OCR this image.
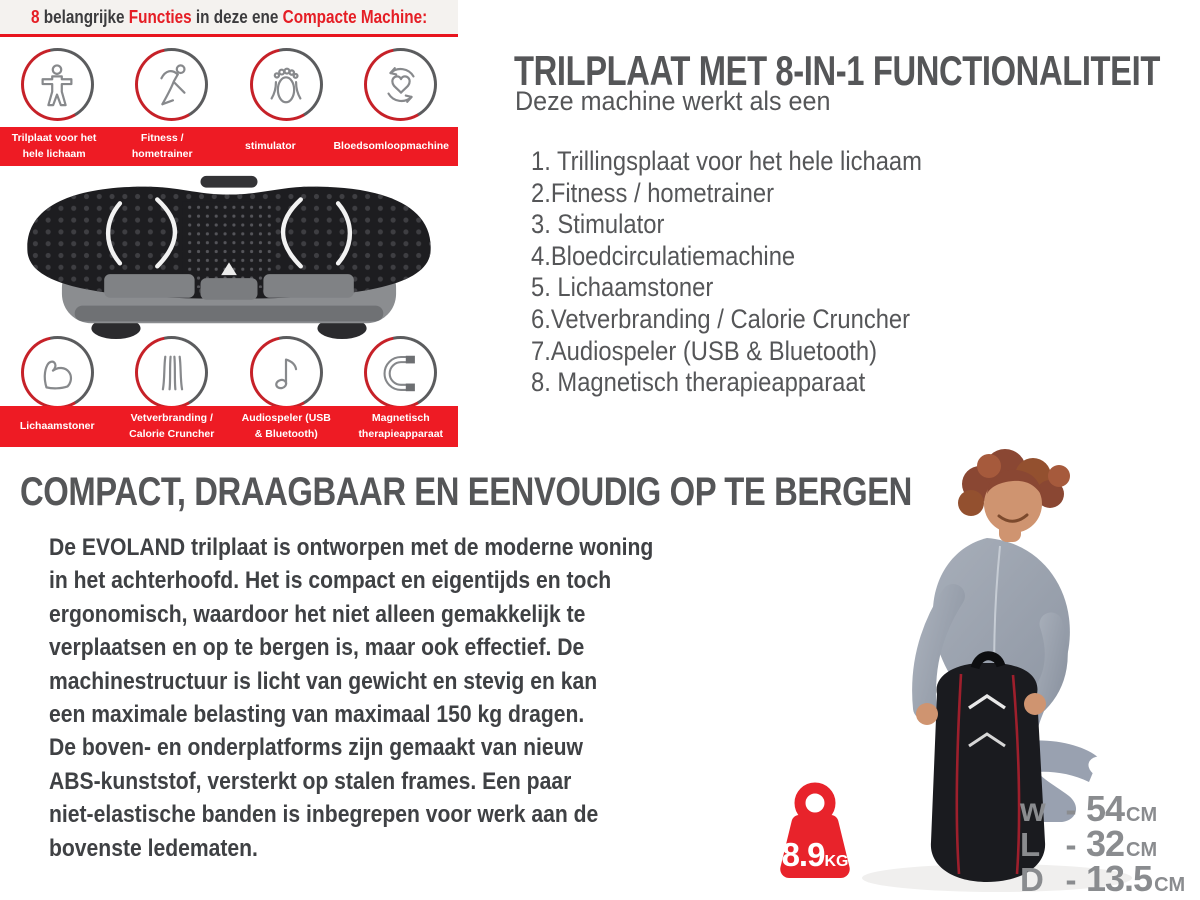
8 belangrijke Functies in deze ene Compacte Machine:
Trilplaat voor het hele lichaam
Fitness / hometrainer
stimulator	Bloedsomloopmachine
Lichaamstoner
Vetverbranding / Calorie Cruncher
Audiospeler (USB & Bluetooth)
Magnetisch therapieapparaat
TRILPLAAT MET 8-IN-1 FUNCTIONALITEIT
Deze machine werkt als een
1. Trillingsplaat voor het hele lichaam
2.Fitness / hometrainer
3. Stimulator
4.Bloedcirculatiemachine
5. Lichaamstoner
6.Vetverbranding / Calorie Cruncher
7.Audiospeler (USB & Bluetooth)
8. Magnetisch therapieapparaat
COMPACT, DRAAGBAAR EN EENVOUDIG OP TE BERGEN
De EVOLAND trilplaat is ontworpen met de moderne woning
in het achterhoofd. Het is compact en eigentijds en toch
ergonomisch, waardoor het niet alleen gemakkelijk te
verplaatsen en op te bergen is, maar ook effectief. De
machinestructuur is licht van gewicht en stevig en kan
een maximale belasting van maximaal 150 kg dragen.
De boven- en onderplatforms zijn gemaakt van nieuw
ABS-kunststof, versterkt op stalen frames. Een paar
niet-elastische banden is inbegrepen voor werk aan de
bovenste ledematen.	8.9KG
w - 54 CM
L - 32 CM
D - 13.5 CM
